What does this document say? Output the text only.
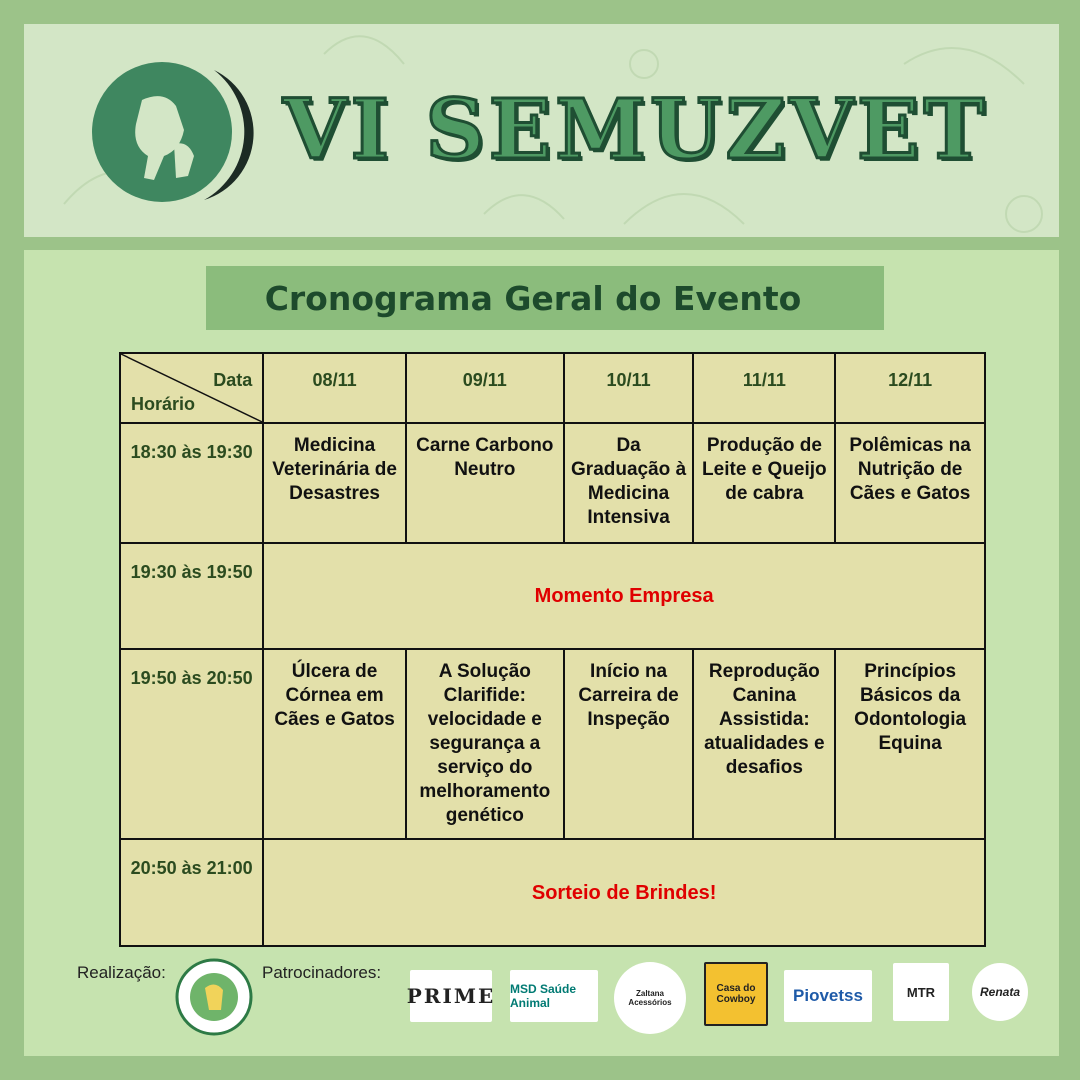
VI SEMUZVET
Cronograma Geral do Evento
Data
Horário	08/11	09/11	10/11	11/11	12/11
18:30 às 19:30	Medicina Veterinária de Desastres	Carne Carbono Neutro	Da Graduação à Medicina Intensiva	Produção de Leite e Queijo de cabra	Polêmicas na Nutrição de Cães e Gatos
19:30 às 19:50	Momento Empresa				
19:50 às 20:50	Úlcera de Córnea em Cães e Gatos	A Solução Clarifide: velocidade e segurança a serviço do melhoramento genético	Início na Carreira de Inspeção	Reprodução Canina Assistida: atualidades e desafios	Princípios Básicos da Odontologia Equina
20:50 às 21:00	Sorteio de Brindes!				
Realização:	Patrocinadores:
PRIME MSD Saúde Animal
Zaltana Acessórios
Casa do Cowboy	Piovetss	MTR	Renata
